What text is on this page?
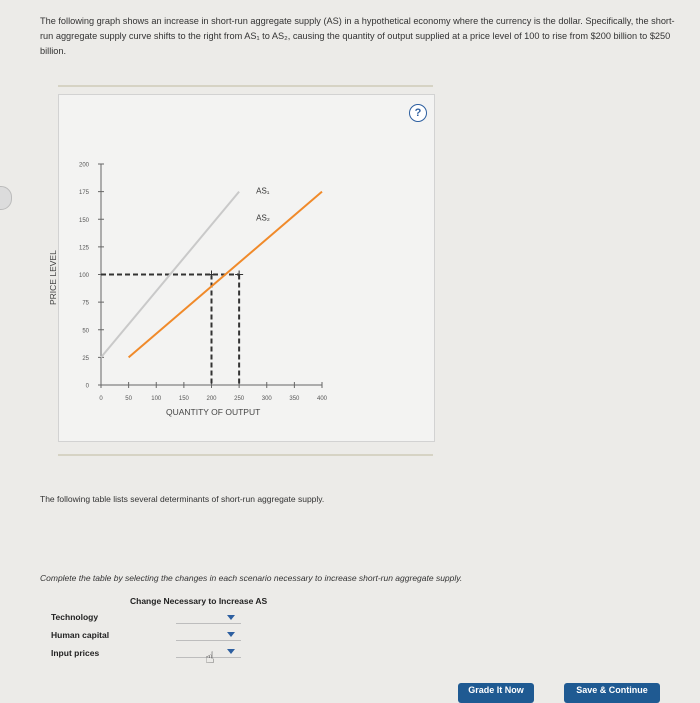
The following graph shows an increase in short-run aggregate supply (AS) in a hypothetical economy where the currency is the dollar. Specifically, the short-run aggregate supply curve shifts to the right from AS₁ to AS₂, causing the quantity of output supplied at a price level of 100 to rise from $200 billion to $250 billion.
0
25
50
75
100
125
150
175
200
0	50	100	150	200	250	300	350	400
AS₁
AS₂
?
PRICE LEVEL
QUANTITY OF OUTPUT
The following table lists several determinants of short-run aggregate supply.
Complete the table by selecting the changes in each scenario necessary to increase short-run aggregate supply.
Change Necessary to Increase AS
Technology
Human capital
Input prices	☝
Grade It Now	Save & Continue
